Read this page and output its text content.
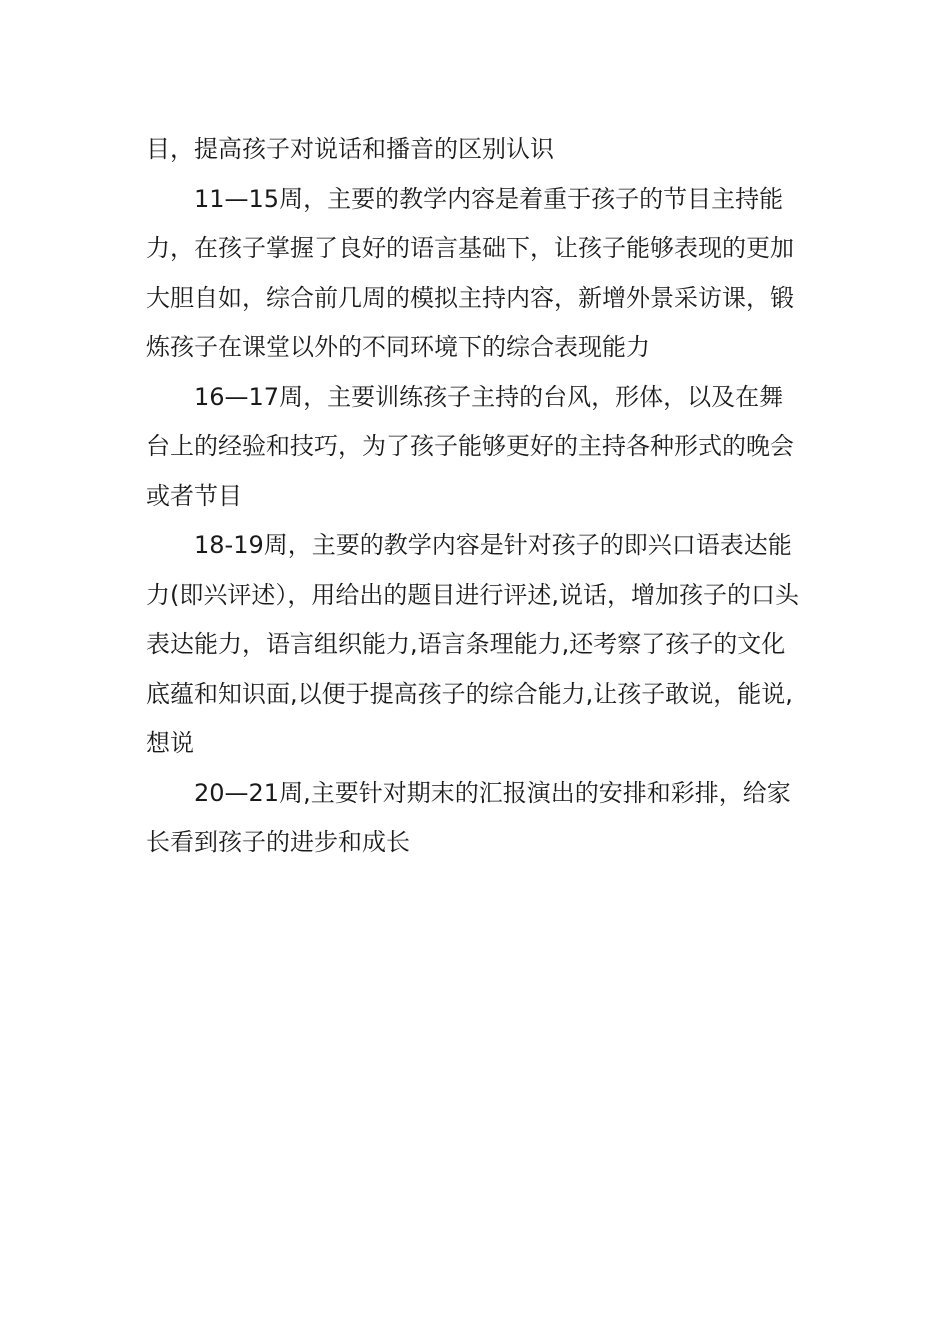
目，提高孩子对说话和播音的区别认识

11—15周，主要的教学内容是着重于孩子的节目主持能力，在孩子掌握了良好的语言基础下，让孩子能够表现的更加大胆自如，综合前几周的模拟主持内容，新增外景采访课，锻炼孩子在课堂以外的不同环境下的综合表现能力

16—17周，主要训练孩子主持的台风，形体，以及在舞台上的经验和技巧，为了孩子能够更好的主持各种形式的晚会或者节目

18-19周，主要的教学内容是针对孩子的即兴口语表达能力(即兴评述），用给出的题目进行评述,说话，增加孩子的口头表达能力，语言组织能力,语言条理能力,还考察了孩子的文化底蕴和知识面,以便于提高孩子的综合能力,让孩子敢说，能说,想说

20—21周,主要针对期末的汇报演出的安排和彩排，给家长看到孩子的进步和成长
